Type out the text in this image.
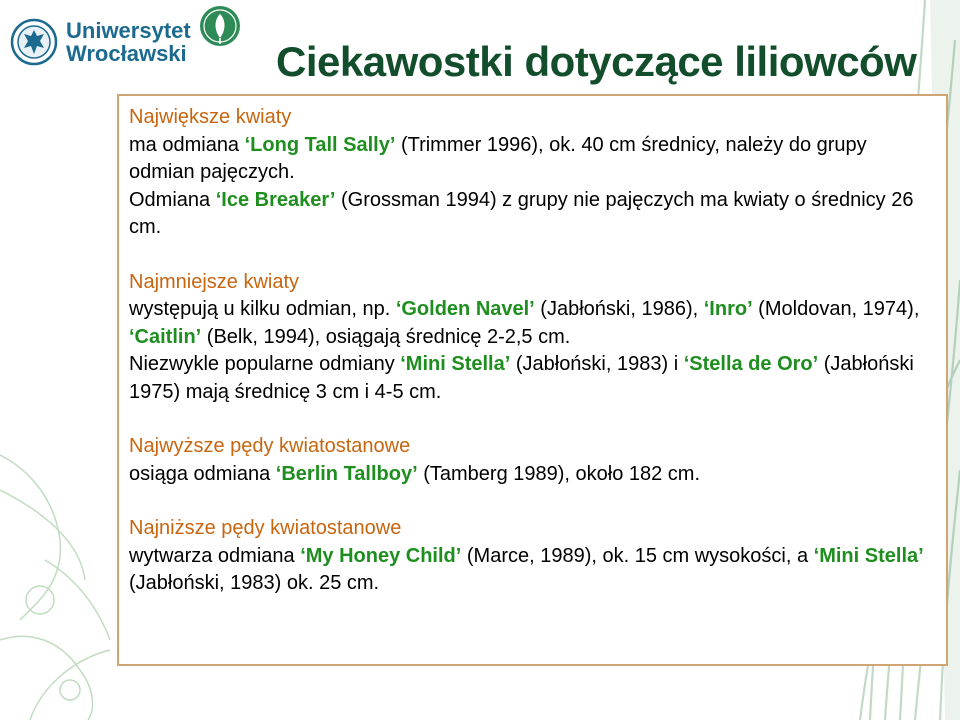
Uniwersytet
Wrocławski Ciekawostki dotyczące liliowców
Największe kwiaty
ma odmiana ‘Long Tall Sally’ (Trimmer 1996), ok. 40 cm średnicy, należy do grupy odmian pajęczych.
Odmiana ‘Ice Breaker’ (Grossman 1994) z grupy nie pajęczych ma kwiaty o średnicy 26 cm.
Najmniejsze kwiaty
występują u kilku odmian, np. ‘Golden Navel’ (Jabłoński, 1986), ‘Inro’ (Moldovan, 1974), ‘Caitlin’ (Belk, 1994), osiągają średnicę 2-2,5 cm.
Niezwykle popularne odmiany ‘Mini Stella’ (Jabłoński, 1983) i ‘Stella de Oro’ (Jabłoński 1975) mają średnicę 3 cm i 4-5 cm.
Najwyższe pędy kwiatostanowe
osiąga odmiana ‘Berlin Tallboy’ (Tamberg 1989), około 182 cm.
Najniższe pędy kwiatostanowe
wytwarza odmiana ‘My Honey Child’ (Marce, 1989), ok. 15 cm wysokości, a ‘Mini Stella’ (Jabłoński, 1983) ok. 25 cm.
